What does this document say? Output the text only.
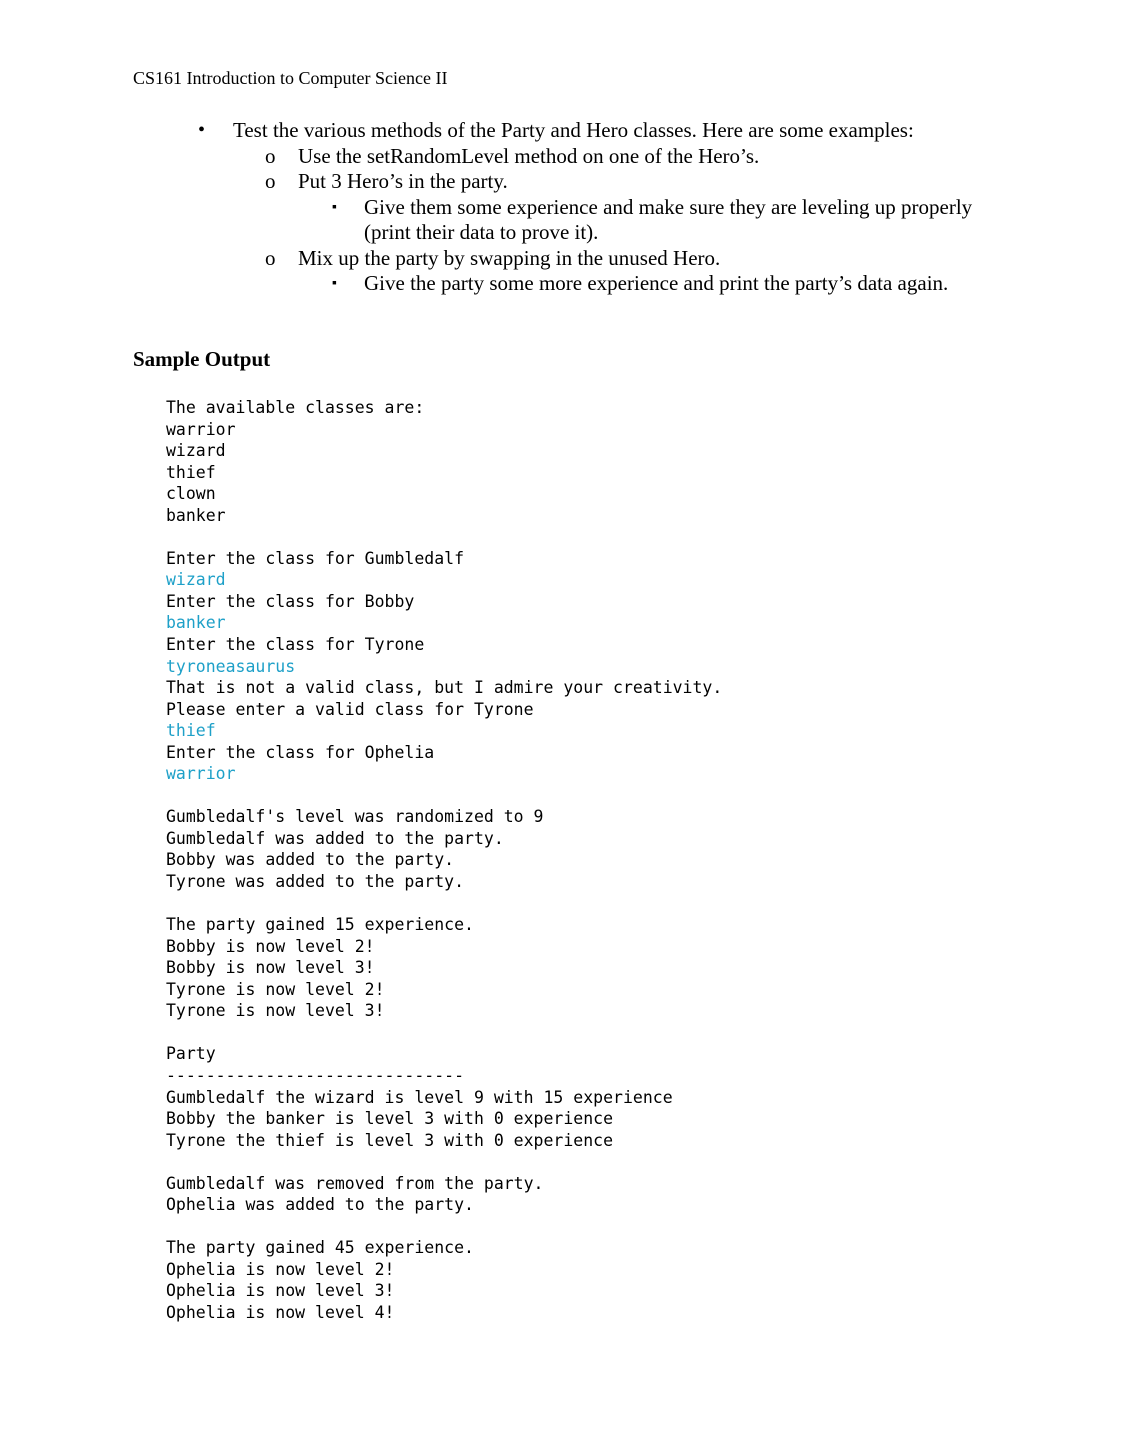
CS161 Introduction to Computer Science II
• Test the various methods of the Party and Hero classes. Here are some examples:
o Use the setRandomLevel method on one of the Hero’s.
o Put 3 Hero’s in the party.
▪ Give them some experience and make sure they are leveling up properly
(print their data to prove it).
o Mix up the party by swapping in the unused Hero.
▪ Give the party some more experience and print the party’s data again.
Sample Output
The available classes are:
warrior
wizard
thief
clown
banker
Enter the class for Gumbledalf
wizard
Enter the class for Bobby
banker
Enter the class for Tyrone
tyroneasaurus
That is not a valid class, but I admire your creativity.
Please enter a valid class for Tyrone
thief
Enter the class for Ophelia
warrior
Gumbledalf's level was randomized to 9
Gumbledalf was added to the party.
Bobby was added to the party.
Tyrone was added to the party.
The party gained 15 experience.
Bobby is now level 2!
Bobby is now level 3!
Tyrone is now level 2!
Tyrone is now level 3!
Party
------------------------------
Gumbledalf the wizard is level 9 with 15 experience
Bobby the banker is level 3 with 0 experience
Tyrone the thief is level 3 with 0 experience
Gumbledalf was removed from the party.
Ophelia was added to the party.
The party gained 45 experience.
Ophelia is now level 2!
Ophelia is now level 3!
Ophelia is now level 4!
